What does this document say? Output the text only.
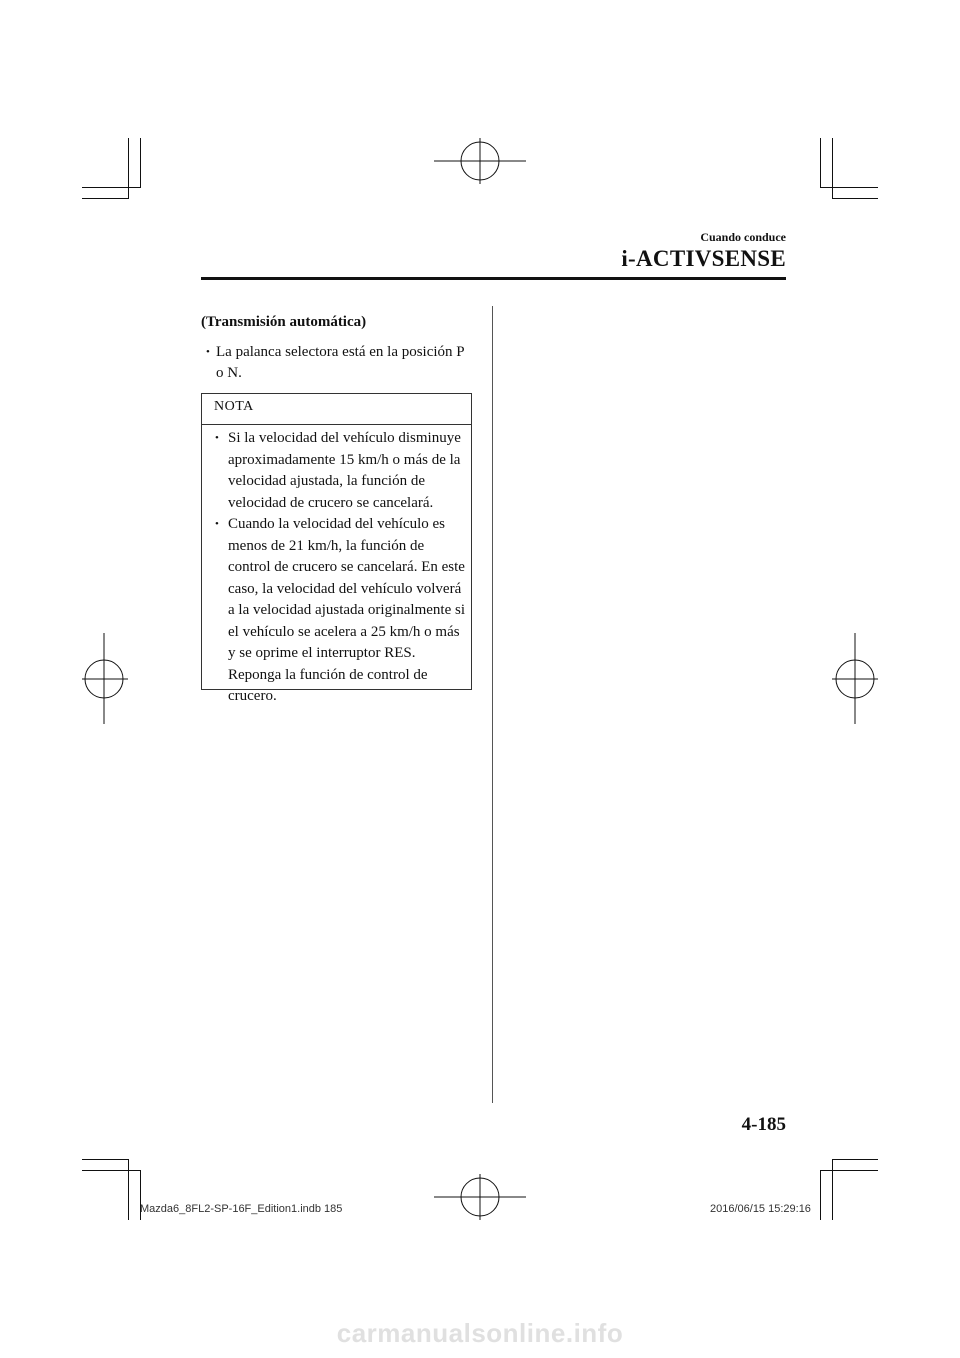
Cuando conduce
i-ACTIVSENSE
(Transmisión automática)
• La palanca selectora está en la posición P o N.
NOTA
• Si la velocidad del vehículo disminuye aproximadamente 15 km/h o más de la velocidad ajustada, la función de velocidad de crucero se cancelará.
• Cuando la velocidad del vehículo es menos de 21 km/h, la función de control de crucero se cancelará. En este caso, la velocidad del vehículo volverá a la velocidad ajustada originalmente si el vehículo se acelera a 25 km/h o más y se oprime el interruptor RES. Reponga la función de control de crucero.
4-185
Mazda6_8FL2-SP-16F_Edition1.indb 185	2016/06/15 15:29:16
carmanualsonline.info
